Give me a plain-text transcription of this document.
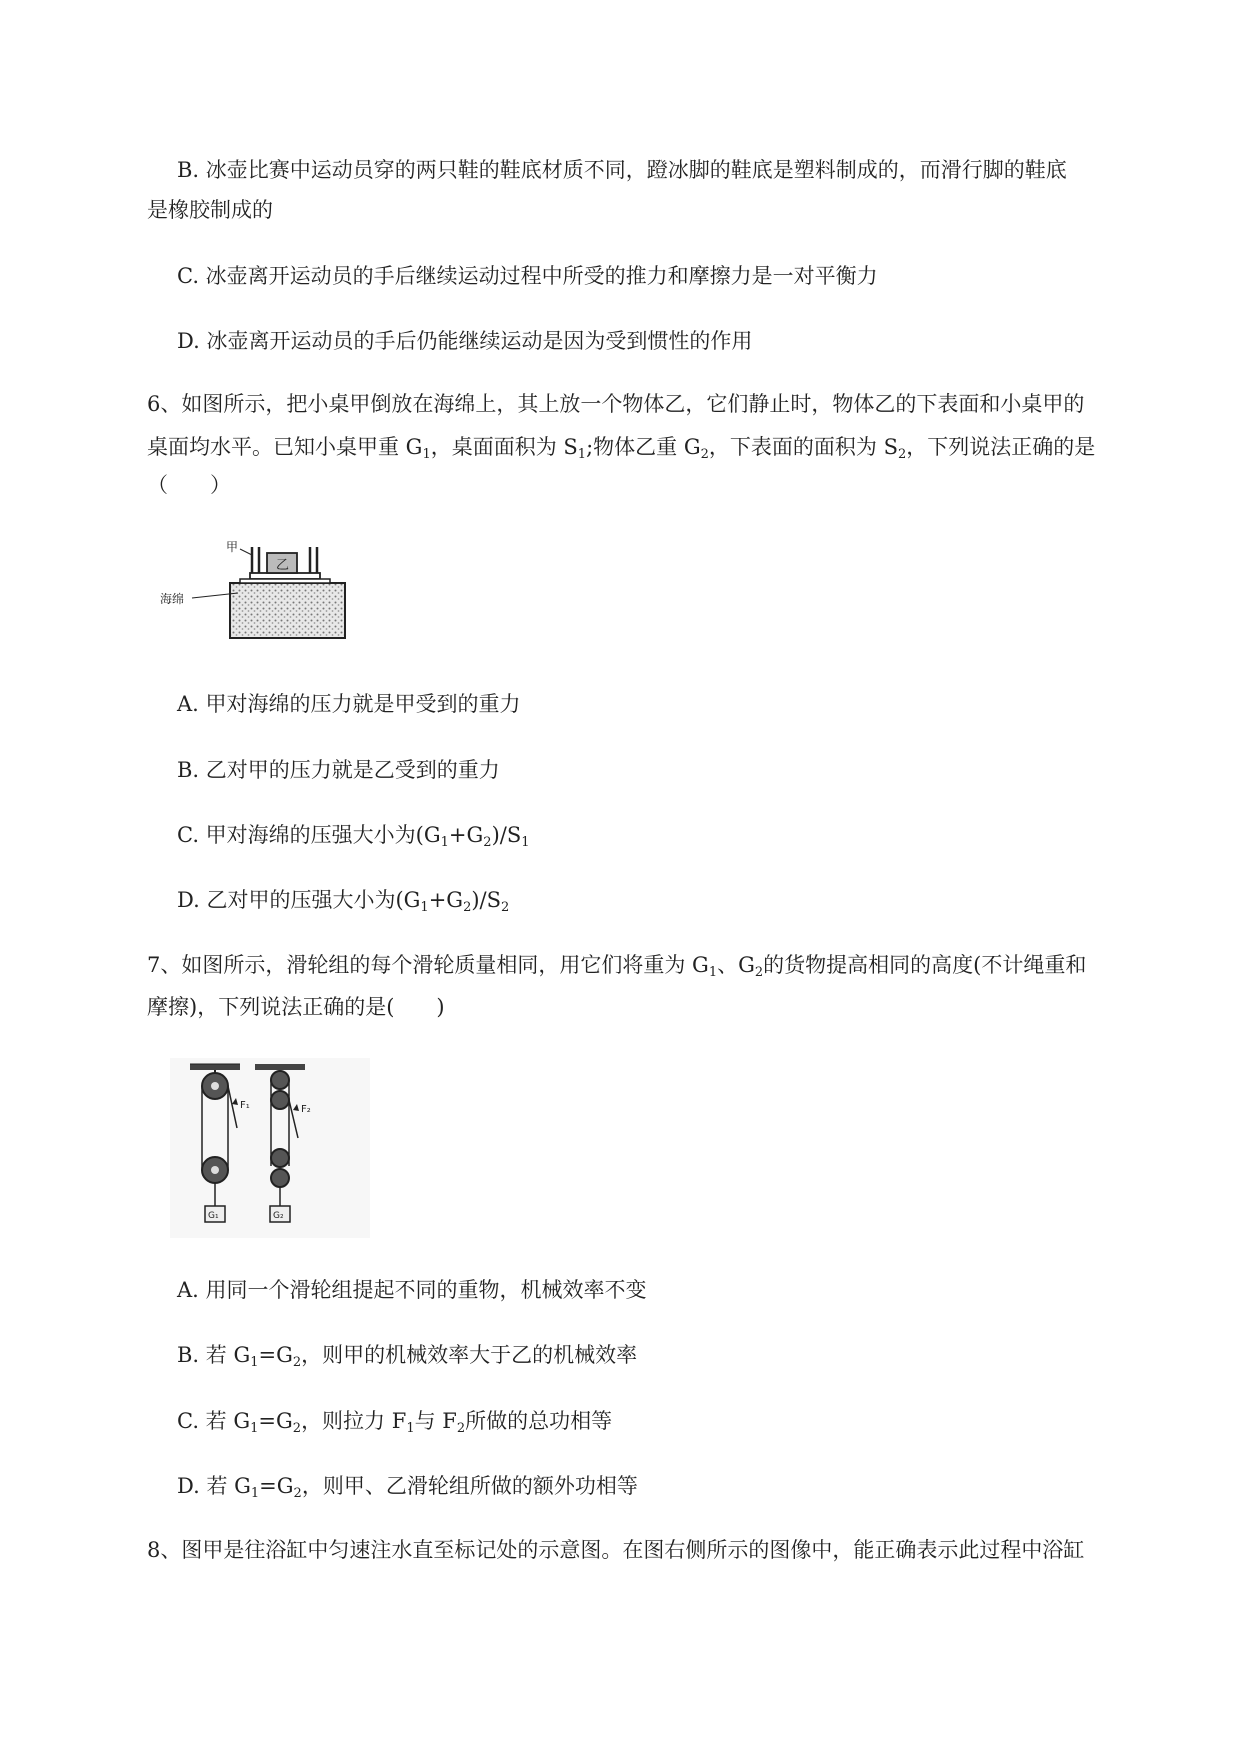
B. 冰壶比赛中运动员穿的两只鞋的鞋底材质不同，蹬冰脚的鞋底是塑料制成的，而滑行脚的鞋底
是橡胶制成的
C. 冰壶离开运动员的手后继续运动过程中所受的推力和摩擦力是一对平衡力
D. 冰壶离开运动员的手后仍能继续运动是因为受到惯性的作用
6、如图所示，把小桌甲倒放在海绵上，其上放一个物体乙，它们静止时，物体乙的下表面和小桌甲的
桌面均水平。已知小桌甲重 $G_1$，桌面面积为 $S_1$;物体乙重 $G_2$，下表面的面积为 $S_2$，下列说法正确的是
（　　）
乙
甲
海绵
A. 甲对海绵的压力就是甲受到的重力
B. 乙对甲的压力就是乙受到的重力
C. 甲对海绵的压强大小为$(G_1+G_2)/S_1$
D. 乙对甲的压强大小为$(G_1+G_2)/S_2$
7、如图所示，滑轮组的每个滑轮质量相同，用它们将重为 $G_1$、$G_2$的货物提高相同的高度(不计绳重和
摩擦)，下列说法正确的是(　　)
F₁
G₁
F₂
G₂
A. 用同一个滑轮组提起不同的重物，机械效率不变
B. 若 $G_1=G_2$，则甲的机械效率大于乙的机械效率
C. 若 $G_1=G_2$，则拉力 $F_1$与 $F_2$所做的总功相等
D. 若 $G_1=G_2$，则甲、乙滑轮组所做的额外功相等
8、图甲是往浴缸中匀速注水直至标记处的示意图。在图右侧所示的图像中，能正确表示此过程中浴缸
